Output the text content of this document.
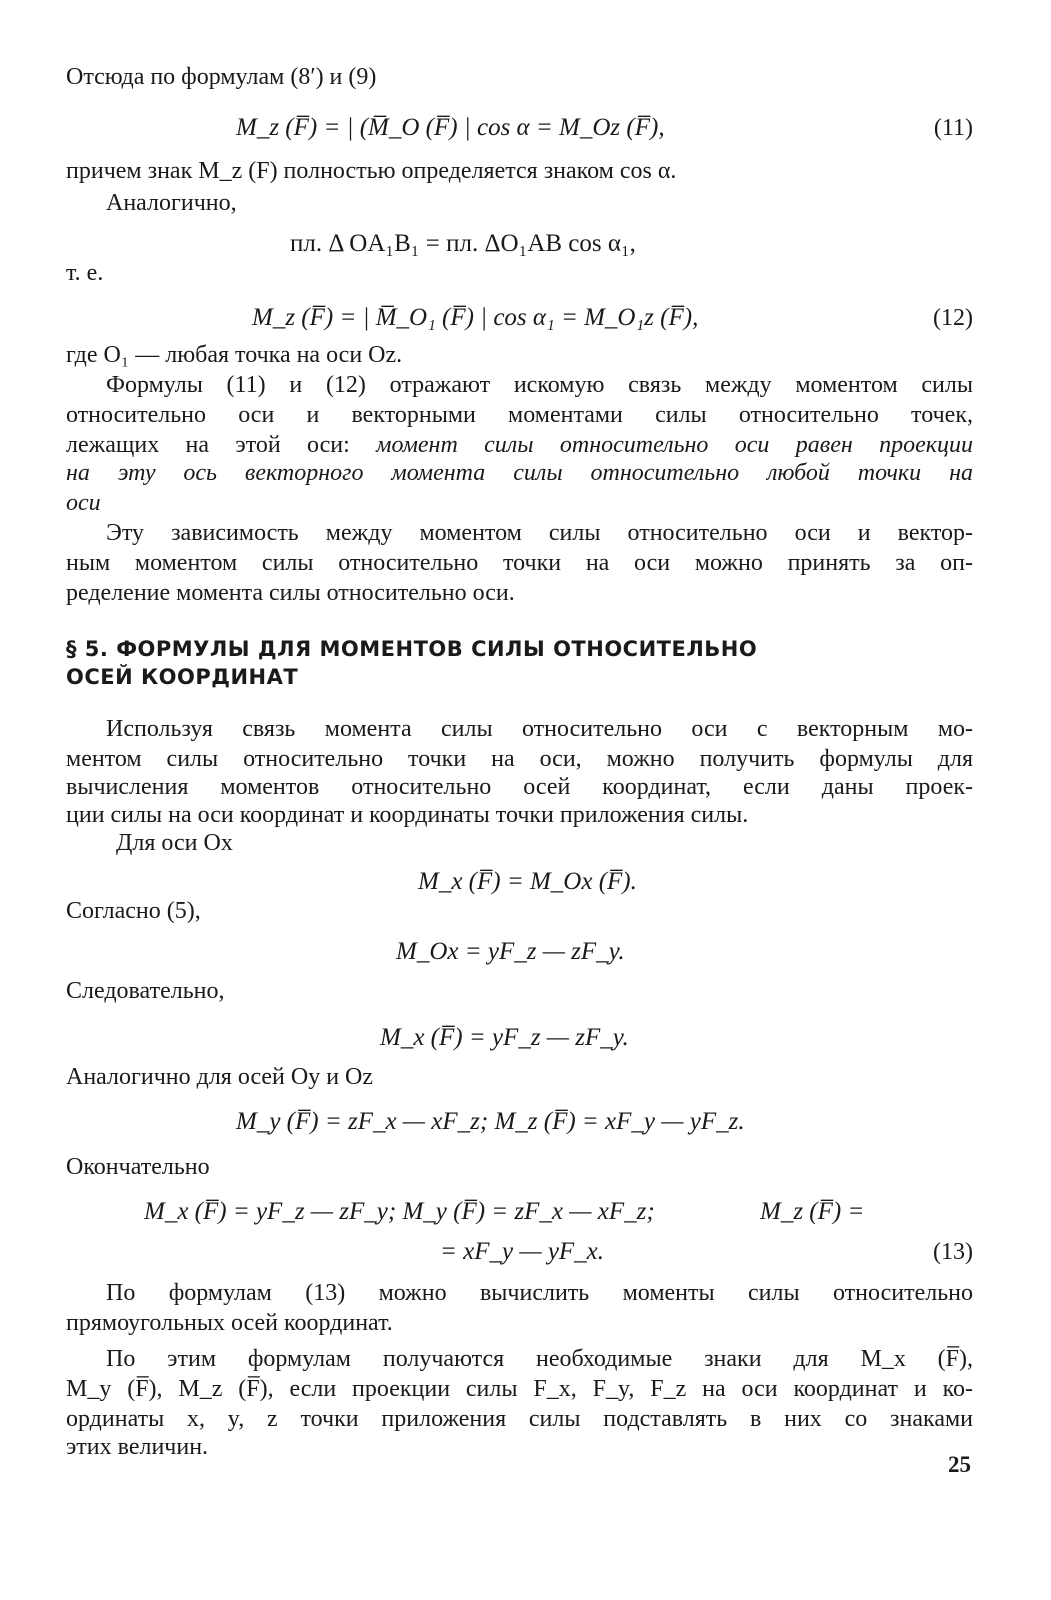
Отсюда по формулам (8′) и (9)
M_z (F̅) = | (M̅_O (F̅) | cos α = M_Oz (F̅),	(11)
причем знак M_z (F) полностью определяется знаком cos α.
Аналогично,
пл. Δ OA₁B₁ = пл. ΔO₁AB cos α₁,
т. е.
M_z (F̅) = | M̅_O₁ (F̅) | cos α₁ = M_O₁z (F̅),	(12)
где O₁ — любая точка на оси Oz.
Формулы (11) и (12) отражают искомую связь между моментом силы
относительно оси и векторными моментами силы относительно точек,
лежащих на этой оси: момент силы относительно оси равен проекции
на эту ось векторного момента силы относительно любой точки на
оси
Эту зависимость между моментом силы относительно оси и вектор-
ным моментом силы относительно точки на оси можно принять за оп-
ределение момента силы относительно оси.
§ 5. ФОРМУЛЫ ДЛЯ МОМЕНТОВ СИЛЫ ОТНОСИТЕЛЬНО
ОСЕЙ КООРДИНАТ
Используя связь момента силы относительно оси с векторным мо-
ментом силы относительно точки на оси, можно получить формулы для
вычисления моментов относительно осей координат, если даны проек-
ции силы на оси координат и координаты точки приложения силы.
Для оси Ox
M_x (F̅) = M_Ox (F̅).
Согласно (5),
M_Ox = yF_z — zF_y.
Следовательно,
M_x (F̅) = yF_z — zF_y.
Аналогично для осей Oy и Oz
M_y (F̅) = zF_x — xF_z; M_z (F̅) = xF_y — yF_z.
Окончательно
M_x (F̅) = yF_z — zF_y; M_y (F̅) = zF_x — xF_z;	M_z (F̅) =
= xF_y — yF_x.	(13)
По формулам (13) можно вычислить моменты силы относительно
прямоугольных осей координат.
По этим формулам получаются необходимые знаки для M_x (F̅),
M_y (F̅), M_z (F̅), если проекции силы F_x, F_y, F_z на оси координат и ко-
ординаты x, y, z точки приложения силы подставлять в них со знаками
этих величин.
25
